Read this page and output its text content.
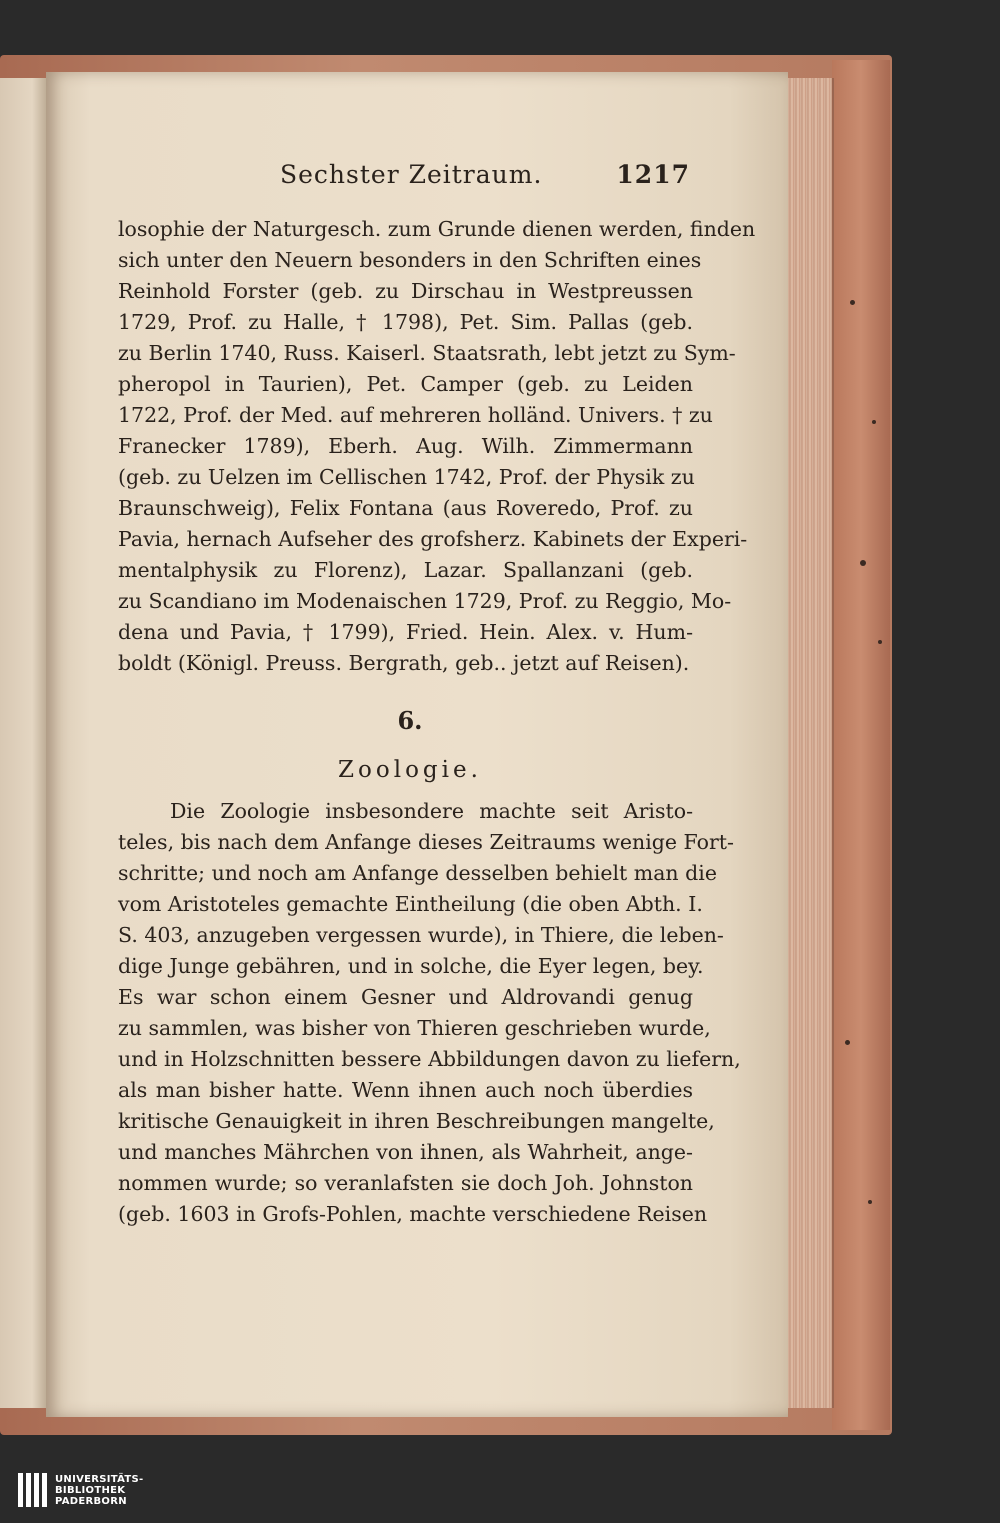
Sechster Zeitraum.	1217
losophie der Naturgesch. zum Grunde dienen werden, finden
sich unter den Neuern besonders in den Schriften eines
Reinhold Forster (geb. zu Dirschau in Westpreussen
1729, Prof. zu Halle, † 1798), Pet. Sim. Pallas (geb.
zu Berlin 1740, Russ. Kaiserl. Staatsrath, lebt jetzt zu Sym-
pheropol in Taurien), Pet. Camper (geb. zu Leiden
1722, Prof. der Med. auf mehreren holländ. Univers. † zu
Franecker 1789), Eberh. Aug. Wilh. Zimmermann
(geb. zu Uelzen im Cellischen 1742, Prof. der Physik zu
Braunschweig), Felix Fontana (aus Roveredo, Prof. zu
Pavia, hernach Aufseher des grofsherz. Kabinets der Experi-
mentalphysik zu Florenz), Lazar. Spallanzani (geb.
zu Scandiano im Modenaischen 1729, Prof. zu Reggio, Mo-
dena und Pavia, † 1799), Fried. Hein. Alex. v. Hum-
boldt (Königl. Preuss. Bergrath, geb.. jetzt auf Reisen).
6.
Zoologie.
Die Zoologie insbesondere machte seit Aristo-
teles, bis nach dem Anfange dieses Zeitraums wenige Fort-
schritte; und noch am Anfange desselben behielt man die
vom Aristoteles gemachte Eintheilung (die oben Abth. I.
S. 403, anzugeben vergessen wurde), in Thiere, die leben-
dige Junge gebähren, und in solche, die Eyer legen, bey.
Es war schon einem Gesner und Aldrovandi genug
zu sammlen, was bisher von Thieren geschrieben wurde,
und in Holzschnitten bessere Abbildungen davon zu liefern,
als man bisher hatte. Wenn ihnen auch noch überdies
kritische Genauigkeit in ihren Beschreibungen mangelte,
und manches Mährchen von ihnen, als Wahrheit, ange-
nommen wurde; so veranlafsten sie doch Joh. Johnston
(geb. 1603 in Grofs-Pohlen, machte verschiedene Reisen
UNIVERSITÄTS-
BIBLIOTHEK
PADERBORN
